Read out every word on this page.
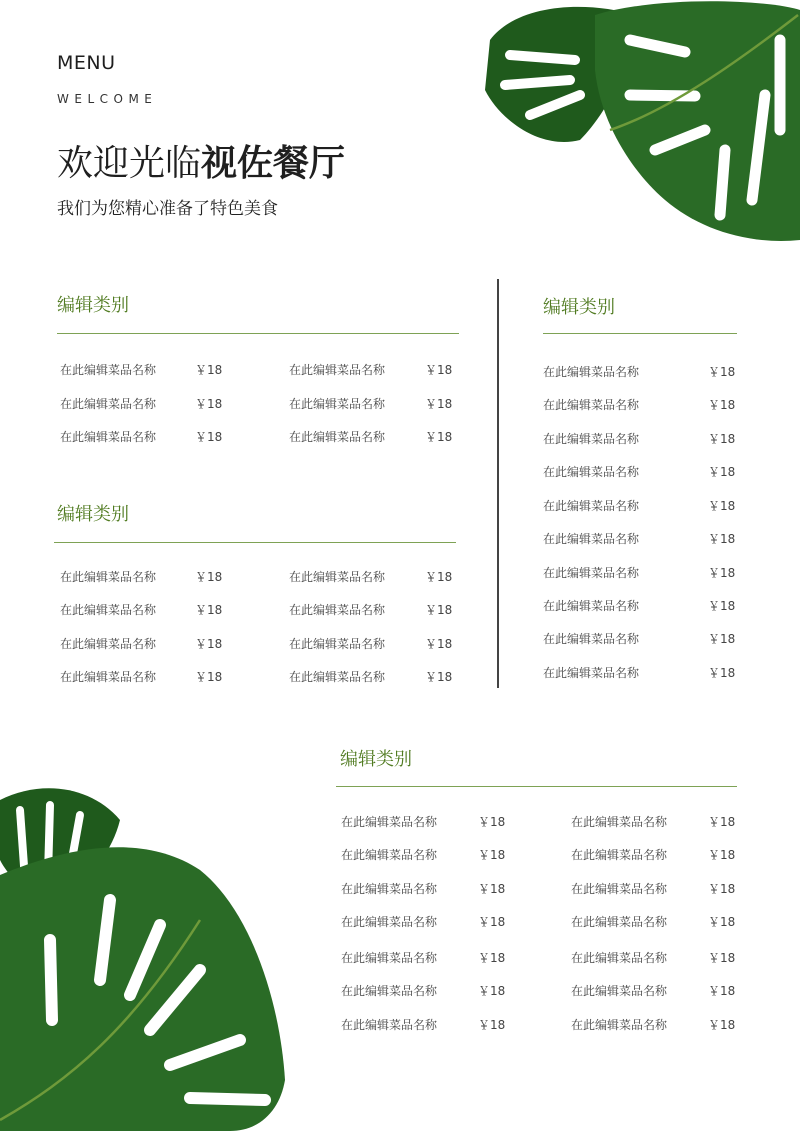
MENU
WELCOME
欢迎光临视佐餐厅
我们为您精心准备了特色美食
编辑类别
在此编辑菜品名称	￥18
在此编辑菜品名称	￥18
在此编辑菜品名称	￥18
在此编辑菜品名称	￥18
在此编辑菜品名称	￥18
在此编辑菜品名称	￥18
编辑类别
在此编辑菜品名称	￥18
在此编辑菜品名称	￥18
在此编辑菜品名称	￥18
在此编辑菜品名称	￥18
在此编辑菜品名称	￥18
在此编辑菜品名称	￥18
在此编辑菜品名称	￥18
在此编辑菜品名称	￥18
编辑类别
在此编辑菜品名称	￥18
在此编辑菜品名称	￥18
在此编辑菜品名称	￥18
在此编辑菜品名称	￥18
在此编辑菜品名称	￥18
在此编辑菜品名称	￥18
在此编辑菜品名称	￥18
在此编辑菜品名称	￥18
在此编辑菜品名称	￥18
在此编辑菜品名称	￥18
编辑类别
在此编辑菜品名称	￥18
在此编辑菜品名称	￥18
在此编辑菜品名称	￥18
在此编辑菜品名称	￥18
在此编辑菜品名称	￥18
在此编辑菜品名称	￥18
在此编辑菜品名称	￥18
在此编辑菜品名称	￥18
在此编辑菜品名称	￥18
在此编辑菜品名称	￥18
在此编辑菜品名称	￥18
在此编辑菜品名称	￥18
在此编辑菜品名称	￥18
在此编辑菜品名称	￥18
